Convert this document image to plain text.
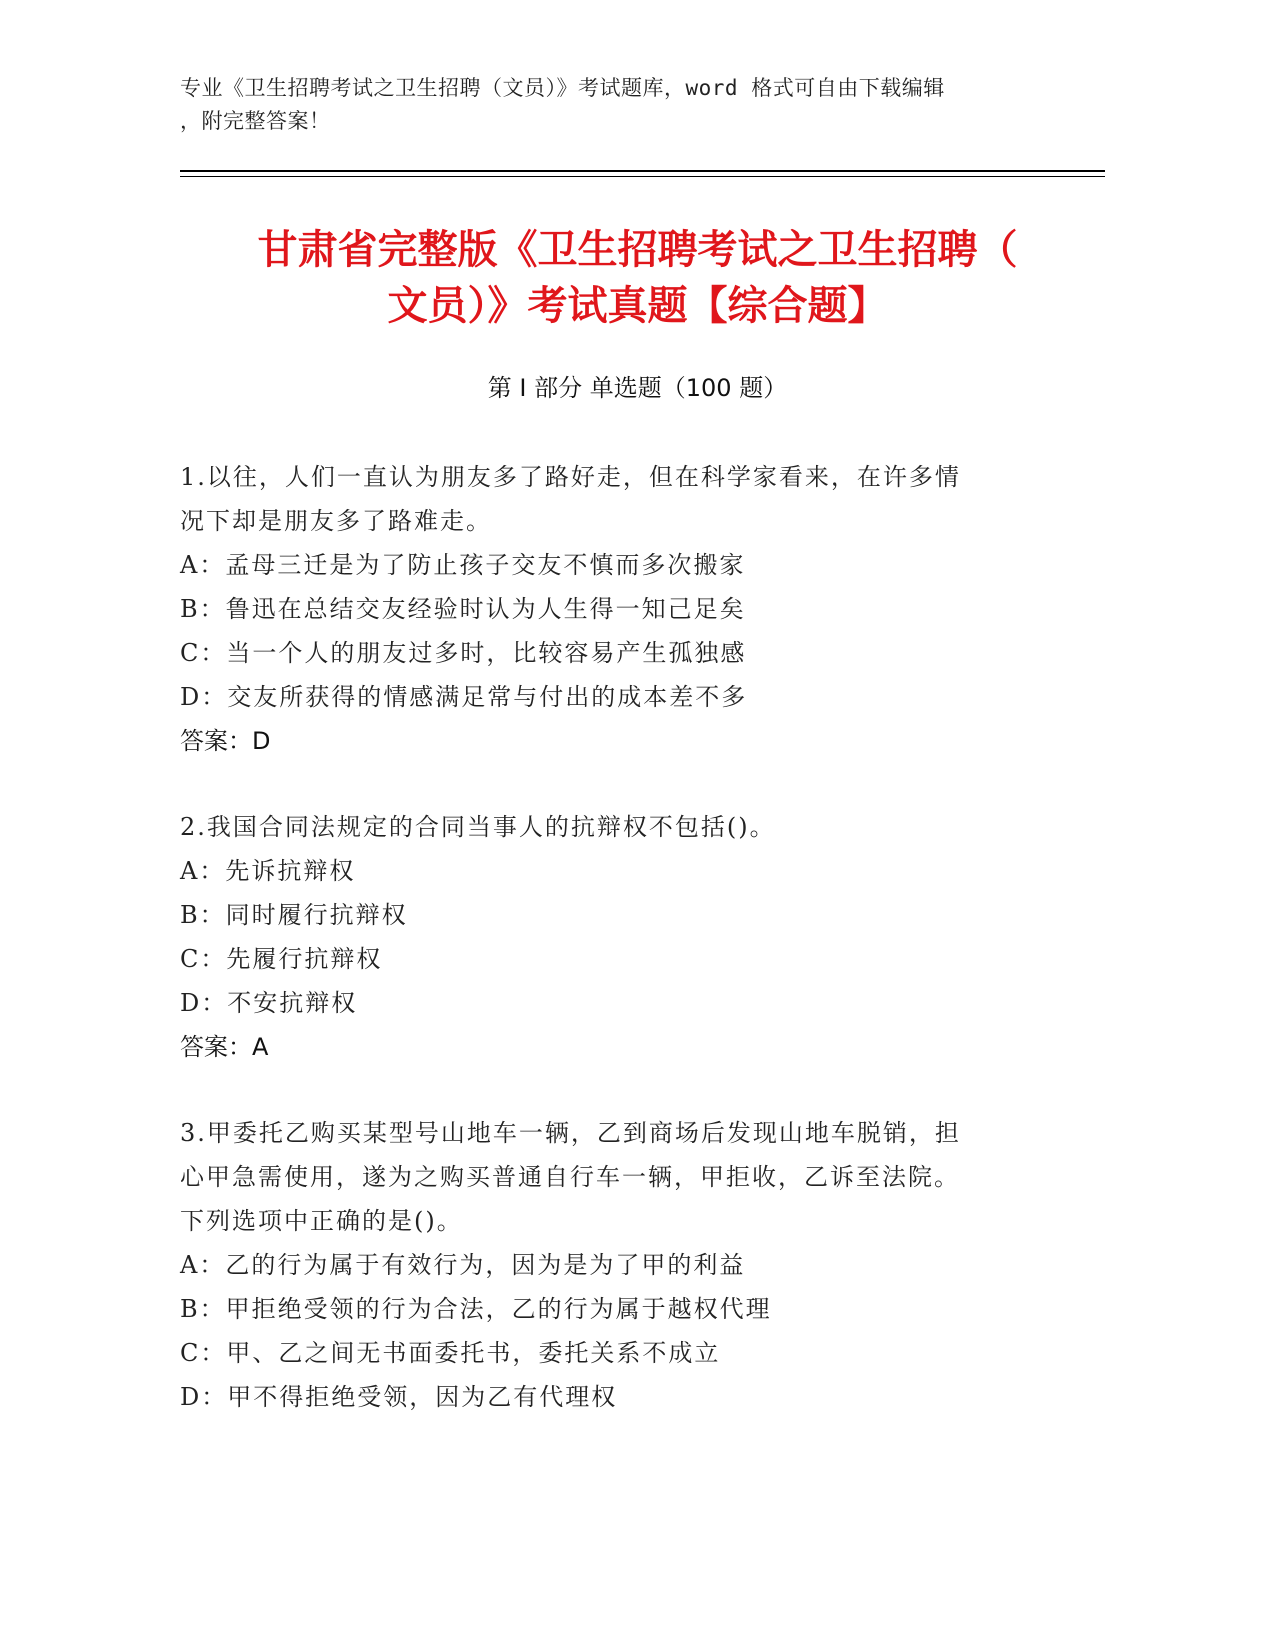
专业《卫生招聘考试之卫生招聘（文员）》考试题库，word 格式可自由下载编辑
，附完整答案！
甘肃省完整版《卫生招聘考试之卫生招聘（
文员）》考试真题【综合题】
第 I 部分 单选题（100 题）
1.以往，人们一直认为朋友多了路好走，但在科学家看来，在许多情
况下却是朋友多了路难走。
A：孟母三迁是为了防止孩子交友不慎而多次搬家
B：鲁迅在总结交友经验时认为人生得一知己足矣
C：当一个人的朋友过多时，比较容易产生孤独感
D：交友所获得的情感满足常与付出的成本差不多
答案：D
2.我国合同法规定的合同当事人的抗辩权不包括()。
A：先诉抗辩权
B：同时履行抗辩权
C：先履行抗辩权
D：不安抗辩权
答案：A
3.甲委托乙购买某型号山地车一辆，乙到商场后发现山地车脱销，担
心甲急需使用，遂为之购买普通自行车一辆，甲拒收，乙诉至法院。
下列选项中正确的是()。
A：乙的行为属于有效行为，因为是为了甲的利益
B：甲拒绝受领的行为合法，乙的行为属于越权代理
C：甲、乙之间无书面委托书，委托关系不成立
D：甲不得拒绝受领，因为乙有代理权
